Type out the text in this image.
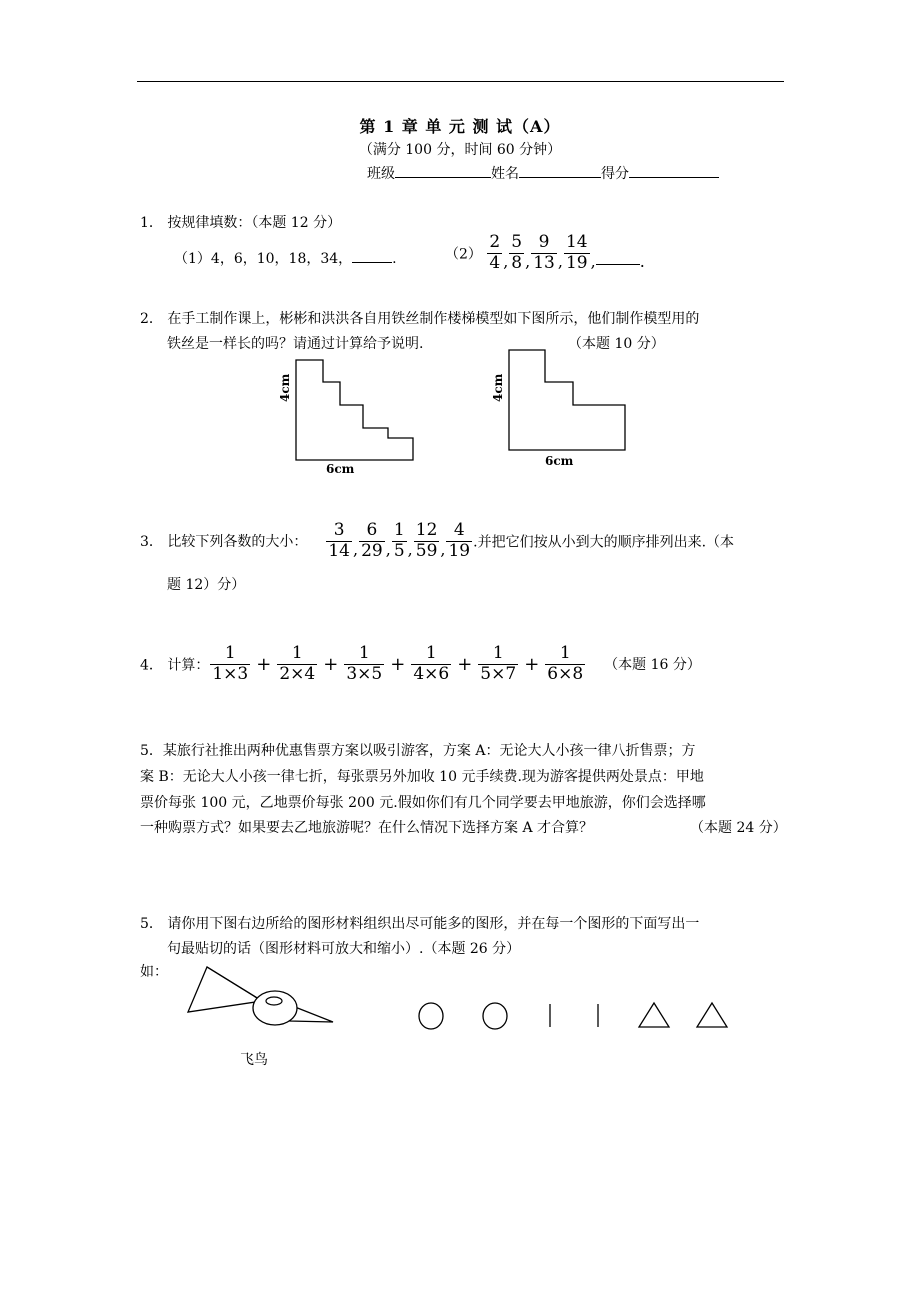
第 1 章 单 元 测 试（A）
（满分 100 分，时间 60 分钟）
班级	姓名	得分
1． 按规律填数：（本题 12 分）
（1）4，6，10，18，34，	.	$(2) \frac{2}{4}$ , $\frac{5}{8}$ , $\frac{9}{13}$ , $\frac{14}{19}$ ,	.
2． 在手工制作课上，彬彬和洪洪各自用铁丝制作楼梯模型如下图所示，他们制作模型用的
铁丝是一样长的吗？请通过计算给予说明.	（本题 10 分）
4cm
6cm
4cm
6cm
3． 比较下列各数的大小： $\frac{3}{14}$ , $\frac{6}{29}$ , $\frac{1}{5}$ , $\frac{12}{59}$ , $\frac{4}{19}$ .并把它们按从小到大的顺序排列出来.（本
题 12）分）
4． 计算： $\frac{1}{1\times 3} + \frac{1}{2\times 4} + \frac{1}{3\times 5} + \frac{1}{4\times 6} + \frac{1}{5\times 7} + \frac{1}{6\times 8}$ （本题 16 分）
5．某旅行社推出两种优惠售票方案以吸引游客，方案 A：无论大人小孩一律八折售票；方
案 B：无论大人小孩一律七折，每张票另外加收 10 元手续费.现为游客提供两处景点：甲地
票价每张 100 元，乙地票价每张 200 元.假如你们有几个同学要去甲地旅游，你们会选择哪
一种购票方式？如果要去乙地旅游呢？在什么情况下选择方案 A 才合算？	（本题 24 分）
5． 请你用下图右边所给的图形材料组织出尽可能多的图形，并在每一个图形的下面写出一
句最贴切的话（图形材料可放大和缩小）.（本题 26 分）
如：
飞鸟
